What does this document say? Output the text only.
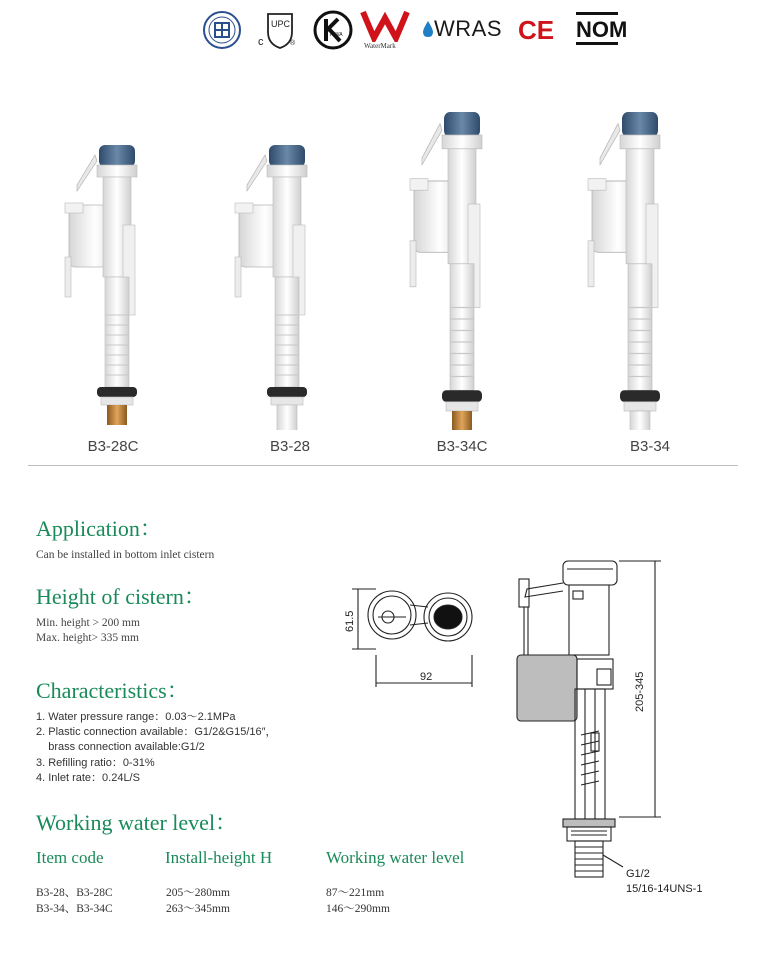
c
UPC
®
KIWA
WaterMark
WRAS CE NOM
B3-28C	B3-28	B3-34C	B3-34
Application：
Can be installed in bottom inlet cistern
Height of cistern：
Min. height > 200 mm
Max. height> 335 mm
Characteristics：
1. Water pressure range：0.03～2.1MPa
2. Plastic connection available：G1/2&G15/16″，
brass connection available:G1/2
3. Refilling ratio：0-31%
4. Inlet rate：0.24L/S
Working water level：
Item code	Install-height H	Working water level
B3-28、B3-28C	205～280mm	87～221mm
B3-34、B3-34C	263～345mm	146～290mm
61.5
92	205-345
G1/2
15/16-14UNS-1
